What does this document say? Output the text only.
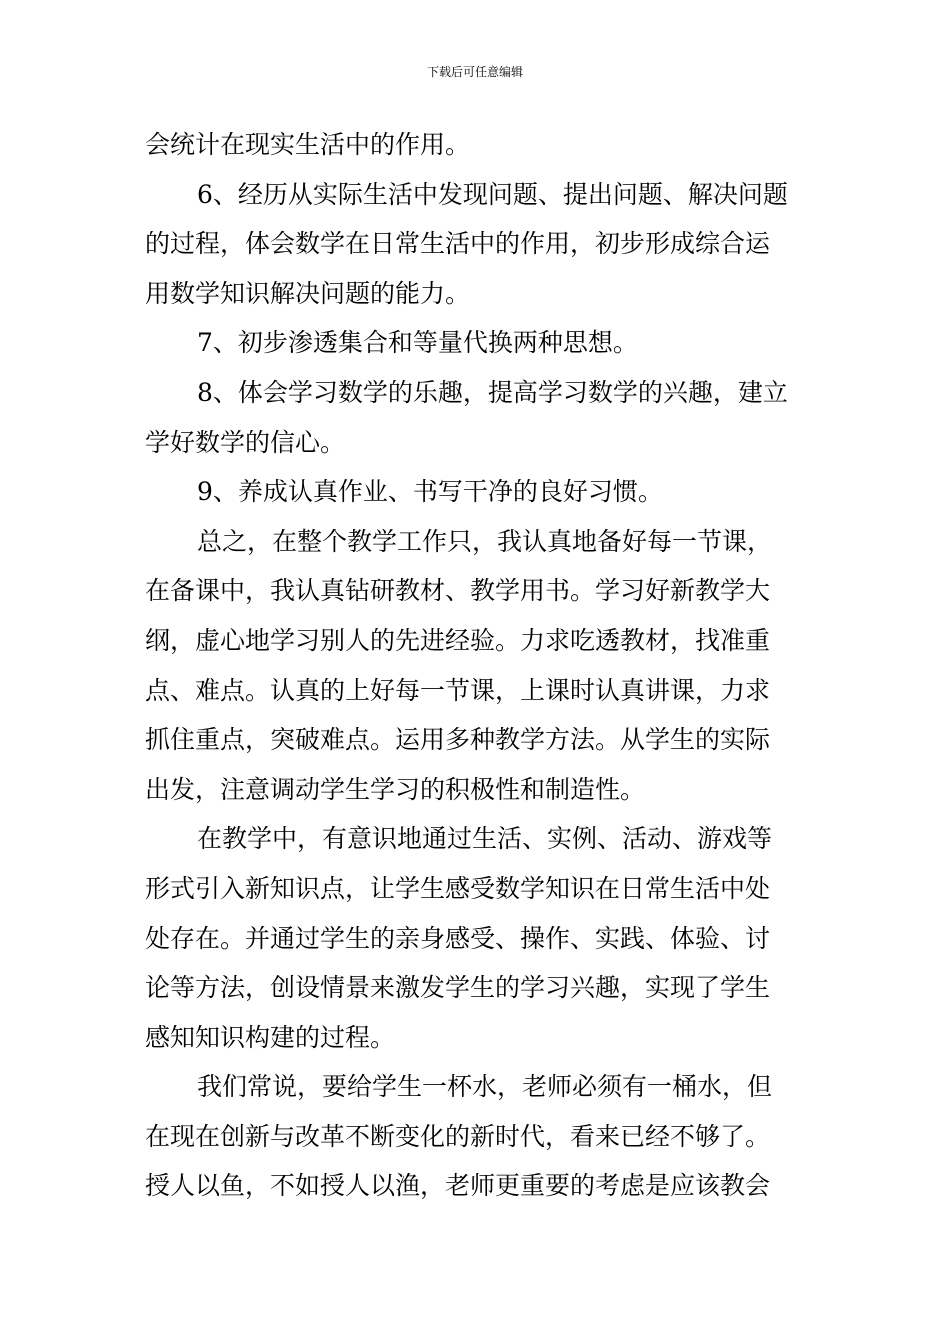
下载后可任意编辑
会统计在现实生活中的作用。
6、经历从实际生活中发现问题、提出问题、解决问题
的过程，体会数学在日常生活中的作用，初步形成综合运
用数学知识解决问题的能力。
7、初步渗透集合和等量代换两种思想。
8、体会学习数学的乐趣，提高学习数学的兴趣，建立
学好数学的信心。
9、养成认真作业、书写干净的良好习惯。
总之，在整个教学工作只，我认真地备好每一节课，
在备课中，我认真钻研教材、教学用书。学习好新教学大
纲，虚心地学习别人的先进经验。力求吃透教材，找准重
点、难点。认真的上好每一节课，上课时认真讲课，力求
抓住重点，突破难点。运用多种教学方法。从学生的实际
出发，注意调动学生学习的积极性和制造性。
在教学中，有意识地通过生活、实例、活动、游戏等
形式引入新知识点，让学生感受数学知识在日常生活中处
处存在。并通过学生的亲身感受、操作、实践、体验、讨
论等方法，创设情景来激发学生的学习兴趣，实现了学生
感知知识构建的过程。
我们常说，要给学生一杯水，老师必须有一桶水，但
在现在创新与改革不断变化的新时代，看来已经不够了。
授人以鱼，不如授人以渔，老师更重要的考虑是应该教会
